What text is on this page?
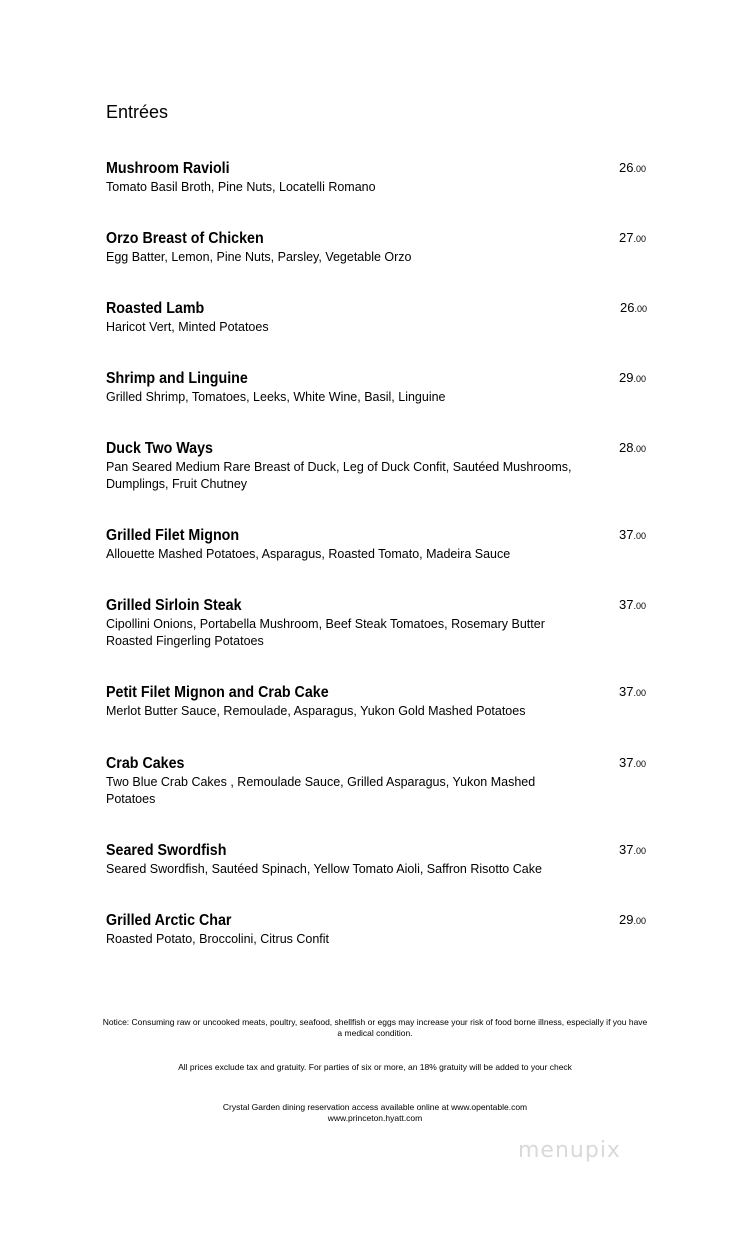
Entrées
Mushroom Ravioli
Tomato Basil Broth, Pine Nuts, Locatelli Romano
26.00
Orzo Breast of Chicken
Egg Batter, Lemon, Pine Nuts, Parsley, Vegetable Orzo
27.00
Roasted Lamb
Haricot Vert, Minted Potatoes
26.00
Shrimp and Linguine
Grilled Shrimp, Tomatoes, Leeks, White Wine, Basil, Linguine
29.00
Duck Two Ways
Pan Seared Medium Rare Breast of Duck, Leg of Duck Confit, Sautéed Mushrooms, Dumplings, Fruit Chutney
28.00
Grilled Filet Mignon
Allouette Mashed Potatoes, Asparagus, Roasted Tomato, Madeira Sauce
37.00
Grilled Sirloin Steak
Cipollini Onions, Portabella Mushroom, Beef Steak Tomatoes, Rosemary Butter Roasted Fingerling Potatoes
37.00
Petit Filet Mignon and Crab Cake
Merlot Butter Sauce, Remoulade, Asparagus, Yukon Gold Mashed Potatoes
37.00
Crab Cakes
Two Blue Crab Cakes , Remoulade Sauce, Grilled Asparagus, Yukon Mashed Potatoes
37.00
Seared Swordfish
Seared Swordfish, Sautéed Spinach, Yellow Tomato Aioli, Saffron Risotto Cake
37.00
Grilled Arctic Char
Roasted Potato, Broccolini, Citrus Confit
29.00
Notice: Consuming raw or uncooked meats, poultry, seafood, shellfish or eggs may increase your risk of food borne illness, especially if you have a medical condition.
All prices exclude tax and gratuity. For parties of six or more, an 18% gratuity will be added to your check
Crystal Garden dining reservation access available online at www.opentable.com
www.princeton.hyatt.com
menupix
